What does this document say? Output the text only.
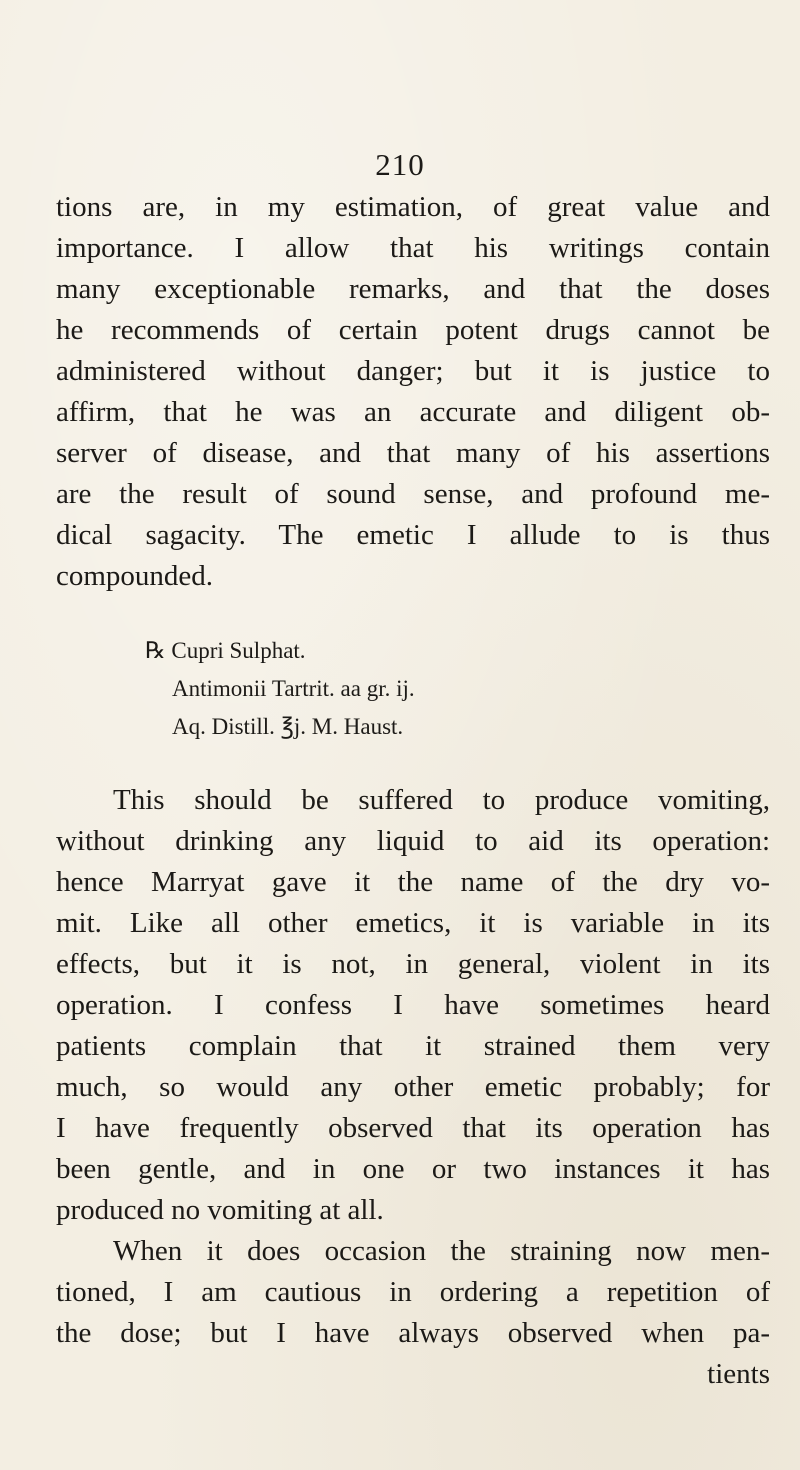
210
tions are, in my estimation, of great value and
importance. I allow that his writings contain
many exceptionable remarks, and that the doses
he recommends of certain potent drugs cannot be
administered without danger; but it is justice to
affirm, that he was an accurate and diligent ob-
server of disease, and that many of his assertions
are the result of sound sense, and profound me-
dical sagacity. The emetic I allude to is thus
compounded.
℞ Cupri Sulphat.
Antimonii Tartrit. aa gr. ij.
Aq. Distill. ℥j. M. Haust.
This should be suffered to produce vomiting,
without drinking any liquid to aid its operation:
hence Marryat gave it the name of the dry vo-
mit. Like all other emetics, it is variable in its
effects, but it is not, in general, violent in its
operation. I confess I have sometimes heard
patients complain that it strained them very
much, so would any other emetic probably; for
I have frequently observed that its operation has
been gentle, and in one or two instances it has
produced no vomiting at all.
When it does occasion the straining now men-
tioned, I am cautious in ordering a repetition of
the dose; but I have always observed when pa-
tients
